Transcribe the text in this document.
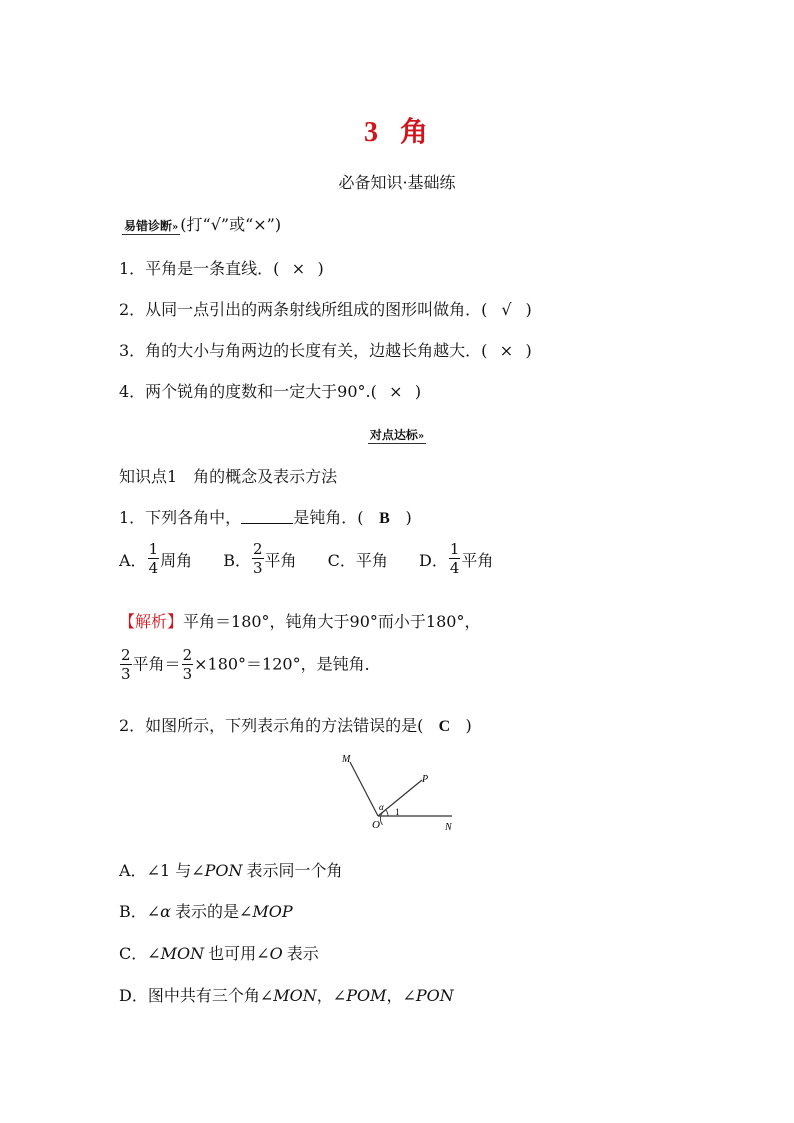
3 角
必备知识·基础练
易错诊断» (打“√”或“×”)
1．平角是一条直线．( × )
2．从同一点引出的两条射线所组成的图形叫做角．( √ )
3．角的大小与角两边的长度有关，边越长角越大．( × )
4．两个锐角的度数和一定大于90°.( × )
对点达标»
知识点1　角的概念及表示方法
1．下列各角中，	是钝角．( B )
A． $\frac{1}{4}$ 周角
B． $\frac{2}{3}$ 平角
C． 平角
D． $\frac{1}{4}$ 平角
【解析】平角＝180°，钝角大于90°而小于180°，
$\frac{2}{3}$ 平角＝ $\frac{2}{3} \times 180^\circ=120^\circ$，是钝角．
2．如图所示，下列表示角的方法错误的是( C )
M
P
O	N
α 1
A．∠1 与∠PON 表示同一个角
B．∠α 表示的是∠MOP
C．∠MON 也可用∠O 表示
D．图中共有三个角∠MON，∠POM，∠PON
